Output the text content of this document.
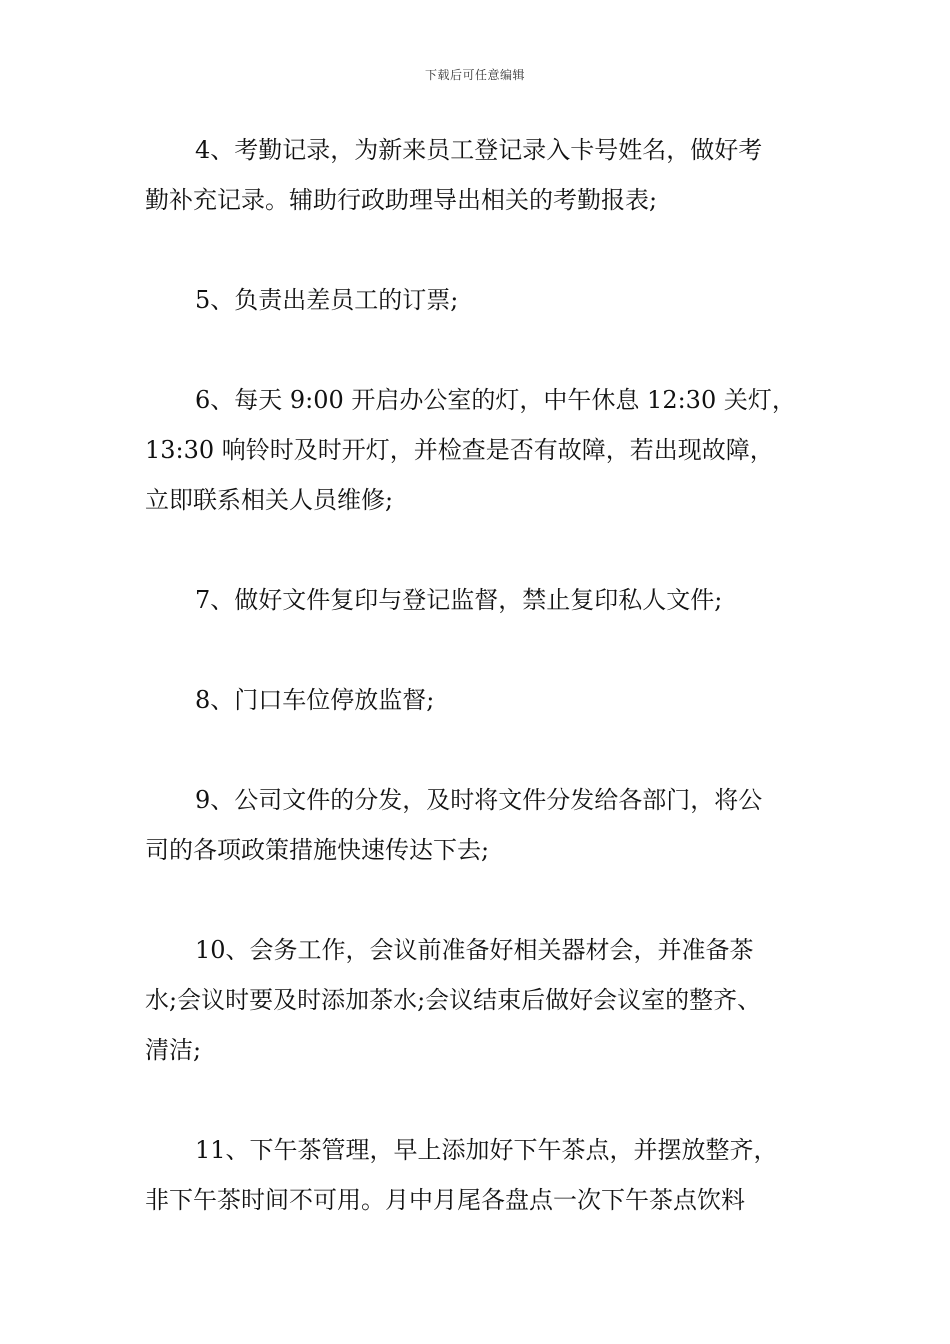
下载后可任意编辑
4、考勤记录，为新来员工登记录入卡号姓名，做好考
勤补充记录。辅助行政助理导出相关的考勤报表;
5、负责出差员工的订票;
6、每天 9:00 开启办公室的灯，中午休息 12:30 关灯，
13:30 响铃时及时开灯，并检查是否有故障，若出现故障，
立即联系相关人员维修;
7、做好文件复印与登记监督，禁止复印私人文件;
8、门口车位停放监督;
9、公司文件的分发，及时将文件分发给各部门，将公
司的各项政策措施快速传达下去;
10、会务工作，会议前准备好相关器材会，并准备茶
水;会议时要及时添加茶水;会议结束后做好会议室的整齐、
清洁;
11、下午茶管理，早上添加好下午茶点，并摆放整齐，
非下午茶时间不可用。月中月尾各盘点一次下午茶点饮料
